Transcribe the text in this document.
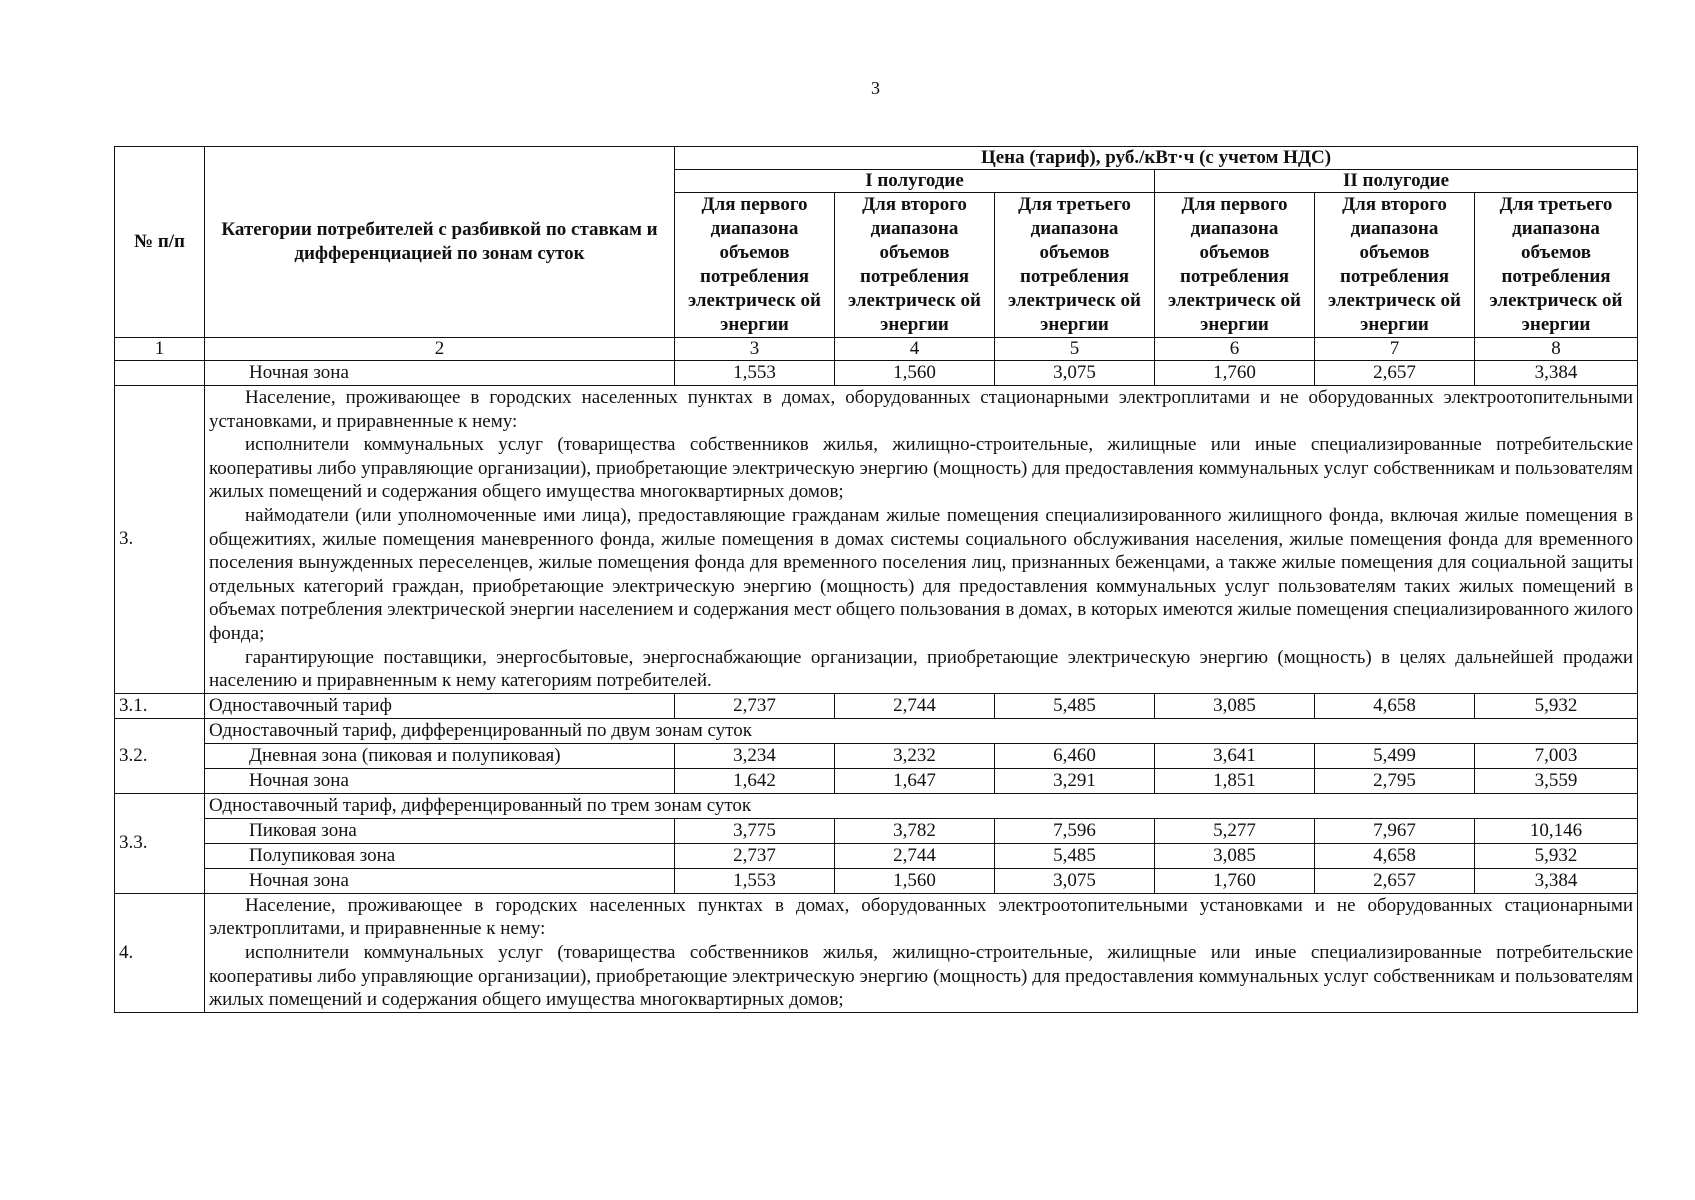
3
№ п/п	Категории потребителей с разбивкой по ставкам и дифференциацией по зонам суток	Цена (тариф), руб./кВт·ч (с учетом НДС)					
		I полугодие			II полугодие		
		Для первого диапазона объемов потребления электрическ ой энергии	Для второго диапазона объемов потребления электрическ ой энергии	Для третьего диапазона объемов потребления электрическ ой энергии	Для первого диапазона объемов потребления электрическ ой энергии	Для второго диапазона объемов потребления электрическ ой энергии	Для третьего диапазона объемов потребления электрическ ой энергии
1	2	3	4	5	6	7	8
	Ночная зона	1,553	1,560	3,075	1,760	2,657	3,384
3.	Население, проживающее в городских населенных пунктах в домах, оборудованных стационарными электроплитами и не оборудованных электроотопительными установками, и приравненные к нему:
исполнители коммунальных услуг (товарищества собственников жилья, жилищно-строительные, жилищные или иные специализированные потребительские кооперативы либо управляющие организации), приобретающие электрическую энергию (мощность) для предоставления коммунальных услуг собственникам и пользователям жилых помещений и содержания общего имущества многоквартирных домов;
наймодатели (или уполномоченные ими лица), предоставляющие гражданам жилые помещения специализированного жилищного фонда, включая жилые помещения в общежитиях, жилые помещения маневренного фонда, жилые помещения в домах системы социального обслуживания населения, жилые помещения фонда для временного поселения вынужденных переселенцев, жилые помещения фонда для временного поселения лиц, признанных беженцами, а также жилые помещения для социальной защиты отдельных категорий граждан, приобретающие электрическую энергию (мощность) для предоставления коммунальных услуг пользователям таких жилых помещений в объемах потребления электрической энергии населением и содержания мест общего пользования в домах, в которых имеются жилые помещения специализированного жилого фонда;
гарантирующие поставщики, энергосбытовые, энергоснабжающие организации, приобретающие электрическую энергию (мощность) в целях дальнейшей продажи населению и приравненным к нему категориям потребителей.						

3.1.	Одноставочный тариф	2,737	2,744	5,485	3,085	4,658	5,932
3.2.	Одноставочный тариф, дифференцированный по двум зонам суток						
	Дневная зона (пиковая и полупиковая)	3,234	3,232	6,460	3,641	5,499	7,003
	Ночная зона	1,642	1,647	3,291	1,851	2,795	3,559
3.3.	Одноставочный тариф, дифференцированный по трем зонам суток						
	Пиковая зона	3,775	3,782	7,596	5,277	7,967	10,146
	Полупиковая зона	2,737	2,744	5,485	3,085	4,658	5,932
	Ночная зона	1,553	1,560	3,075	1,760	2,657	3,384
4.	Население, проживающее в городских населенных пунктах в домах, оборудованных электроотопительными установками и не оборудованных стационарными электроплитами, и приравненные к нему:
исполнители коммунальных услуг (товарищества собственников жилья, жилищно-строительные, жилищные или иные специализированные потребительские кооперативы либо управляющие организации), приобретающие электрическую энергию (мощность) для предоставления коммунальных услуг собственникам и пользователям жилых помещений и содержания общего имущества многоквартирных домов;						
